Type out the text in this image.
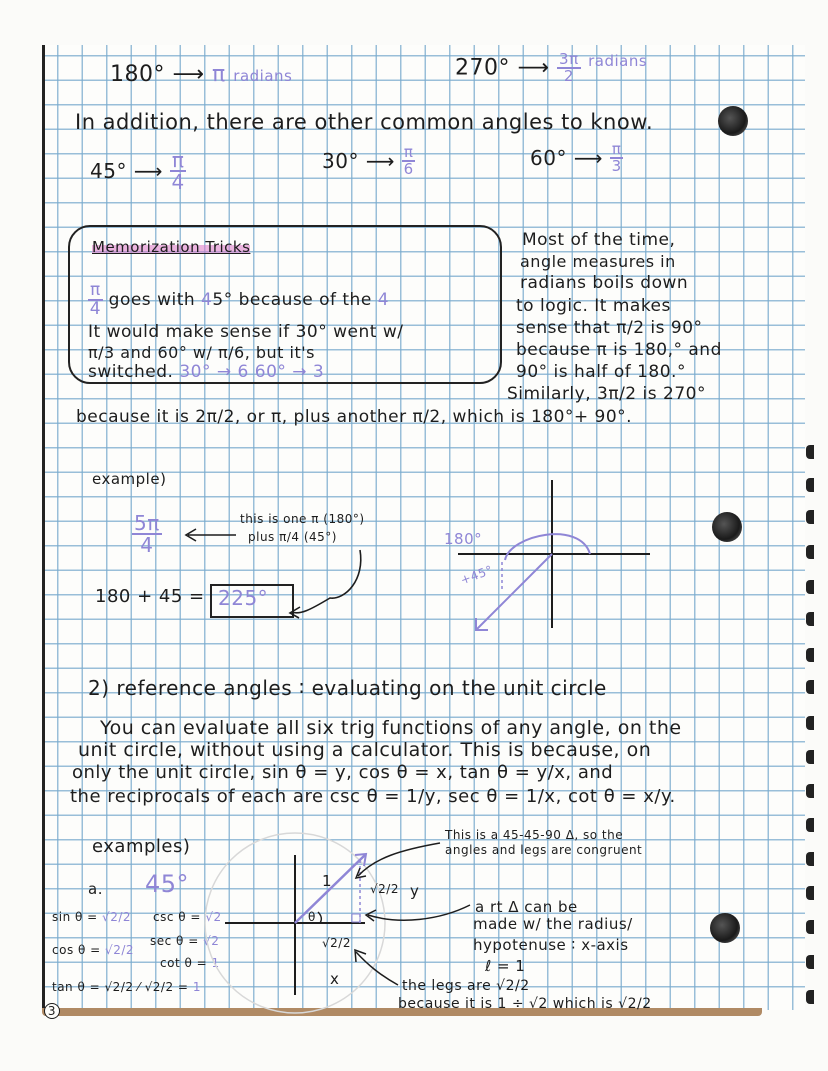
180° ⟶ π radians	270° ⟶ $\frac{3\pi}{2} ^{radians}$
In addition, there are other common angles to know.
45° ⟶ $\frac{\pi}{4}$	30° ⟶ $\frac{\pi}{6}$	60° ⟶ $\frac{\pi}{3}$
Memorization Tricks
$\frac{\pi}{4}$ goes with 45° because of the 4
It would make sense if 30° went w/
π/3 and 60° w/ π/6, but it's
switched. 30° → 6 60° → 3
Most of the time,
angle measures in
radians boils down
to logic. It makes
sense that π/2 is 90°
because π is 180,° and
90° is half of 180.°
Similarly, 3π/2 is 270°
because it is 2π/2, or π, plus another π/2, which is 180°+ 90°.
example)
$\frac{5\pi}{4}$	this is one π (180°)
plus π/4 (45°)
180 + 45 = 225°
180°
+45°
2) reference angles ∶ evaluating on the unit circle
You can evaluate all six trig functions of any angle, on the
unit circle, without using a calculator. This is because, on
only the unit circle, sin θ = y, cos θ = x, tan θ = y/x, and
the reciprocals of each are csc θ = 1/y, sec θ = 1/x, cot θ = x/y.
examples)
a. 45°
sin θ = √2/2
cos θ = √2/2
tan θ = √2/2 ⁄ √2/2 = 1
csc θ = √2
sec θ = √2
cot θ = 1
1	√2/2 y
θ
√2/2
x
This is a 45-45-90 Δ, so the
angles and legs are congruent
a rt Δ can be
made w/ the radius/
hypotenuse ∶ x-axis
ℓ = 1
the legs are √2/2
because it is 1 ÷ √2 which is √2/2
3
